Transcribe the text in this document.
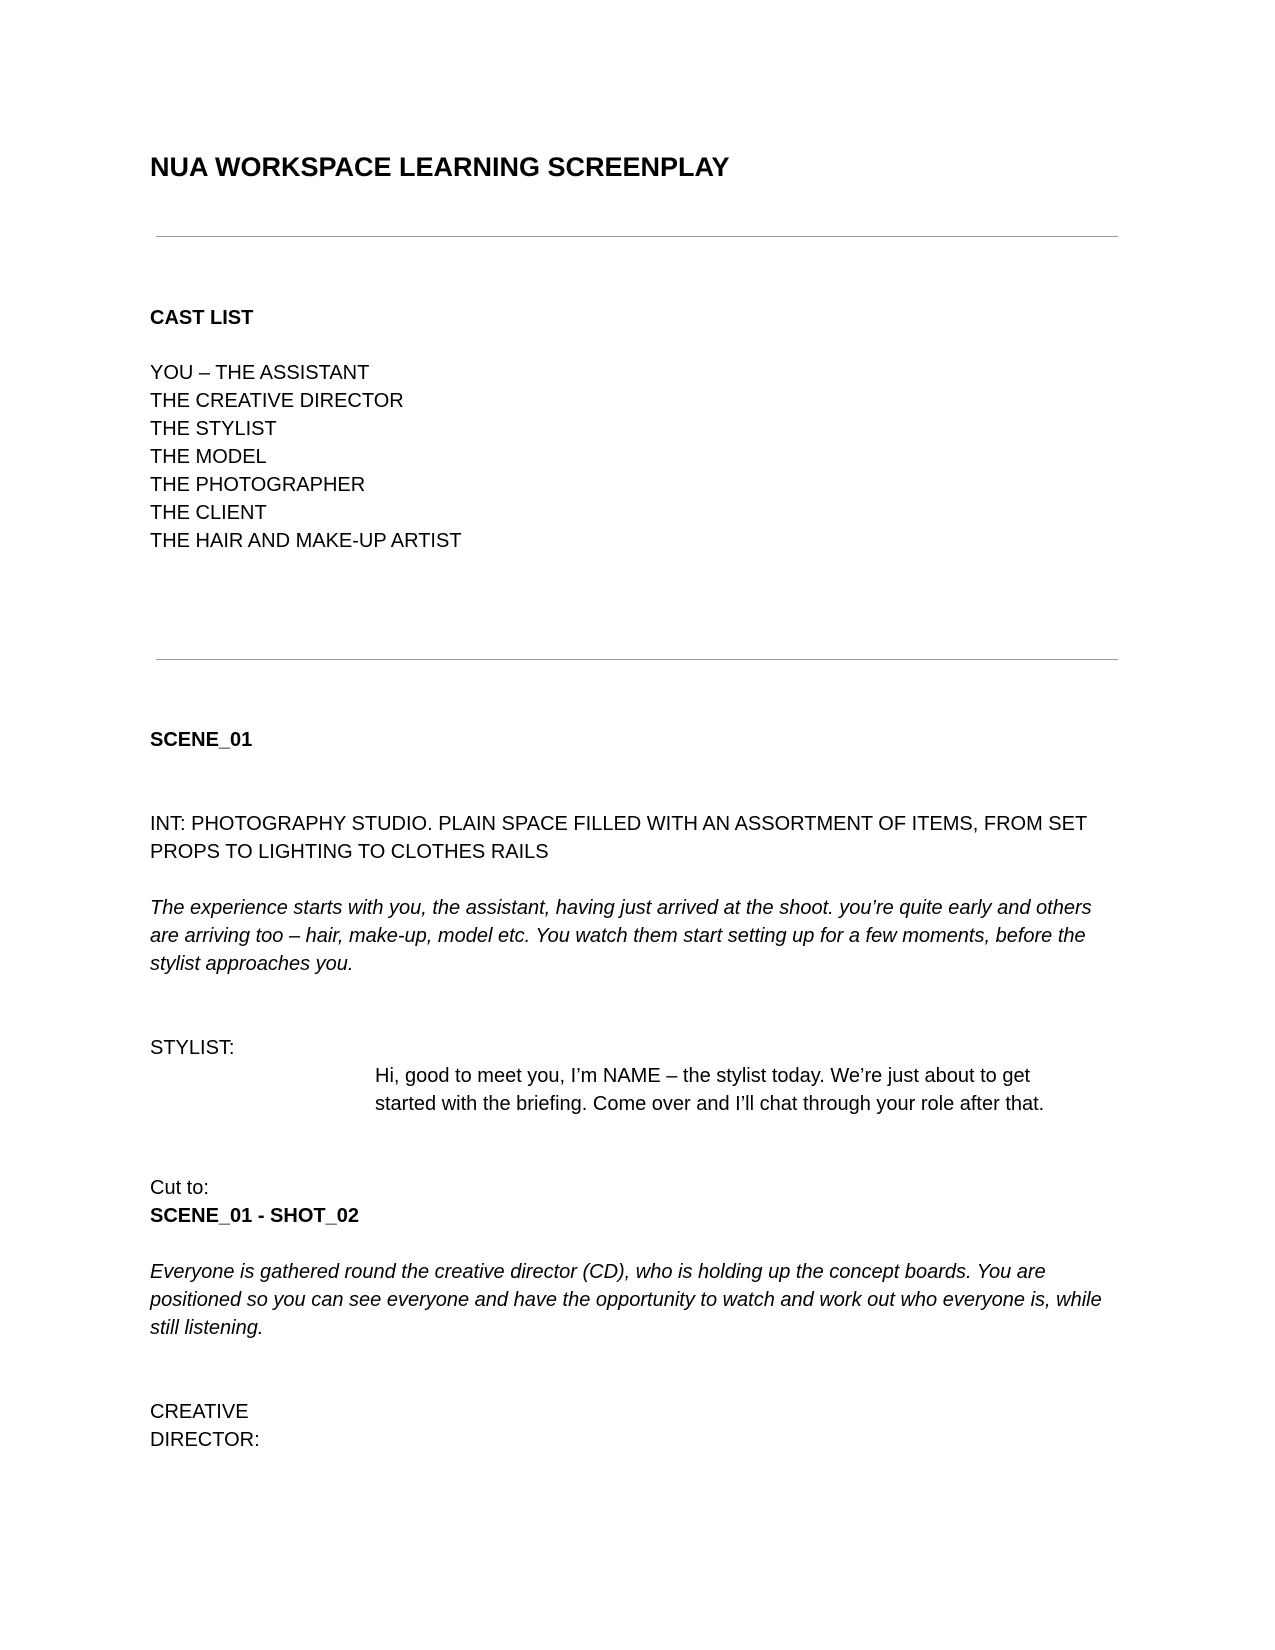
NUA WORKSPACE LEARNING SCREENPLAY
CAST LIST
YOU – THE ASSISTANT
THE CREATIVE DIRECTOR
THE STYLIST
THE MODEL
THE PHOTOGRAPHER
THE CLIENT
THE HAIR AND MAKE-UP ARTIST
SCENE_01

INT: PHOTOGRAPHY STUDIO. PLAIN SPACE FILLED WITH AN ASSORTMENT OF ITEMS, FROM SET PROPS TO LIGHTING TO CLOTHES RAILS

The experience starts with you, the assistant, having just arrived at the shoot. you’re quite early and others are arriving too – hair, make-up, model etc. You watch them start setting up for a few moments, before the stylist approaches you.

STYLIST:

Hi, good to meet you, I’m NAME – the stylist today. We’re just about to get started with the briefing. Come over and I’ll chat through your role after that.

Cut to:
SCENE_01 - SHOT_02

Everyone is gathered round the creative director (CD), who is holding up the concept boards. You are positioned so you can see everyone and have the opportunity to watch and work out who everyone is, while still listening.

CREATIVE DIRECTOR:
